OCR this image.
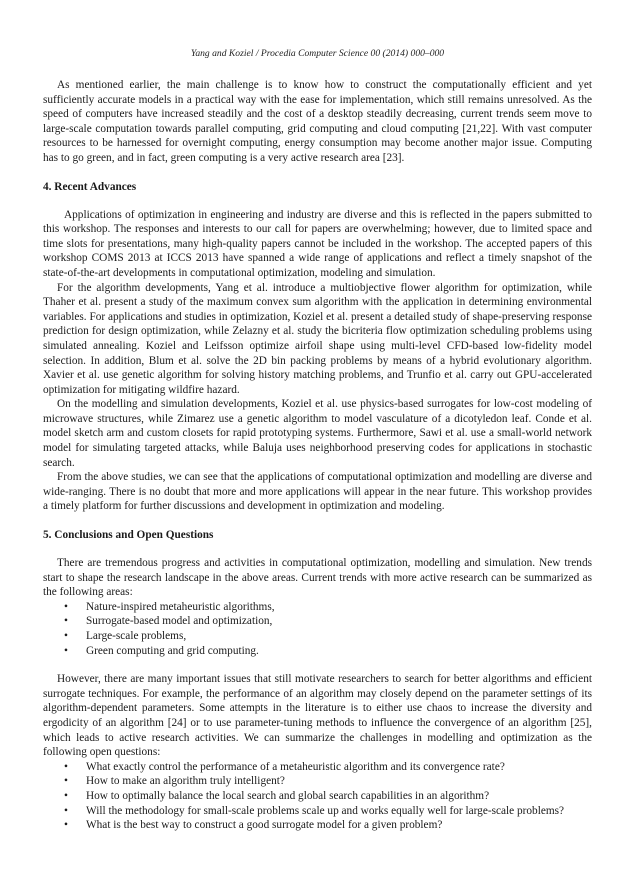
Yang and Koziel / Procedia Computer Science 00 (2014) 000–000

As mentioned earlier, the main challenge is to know how to construct the computationally efficient and yet sufficiently accurate models in a practical way with the ease for implementation, which still remains unresolved. As the speed of computers have increased steadily and the cost of a desktop steadily decreasing, current trends seem move to large-scale computation towards parallel computing, grid computing and cloud computing [21,22]. With vast computer resources to be harnessed for overnight computing, energy consumption may become another major issue. Computing has to go green, and in fact, green computing is a very active research area [23].

4. Recent Advances

Applications of optimization in engineering and industry are diverse and this is reflected in the papers submitted to this workshop. The responses and interests to our call for papers are overwhelming; however, due to limited space and time slots for presentations, many high-quality papers cannot be included in the workshop. The accepted papers of this workshop COMS 2013 at ICCS 2013 have spanned a wide range of applications and reflect a timely snapshot of the state-of-the-art developments in computational optimization, modeling and simulation.

For the algorithm developments, Yang et al. introduce a multiobjective flower algorithm for optimization, while Thaher et al. present a study of the maximum convex sum algorithm with the application in determining environmental variables. For applications and studies in optimization, Koziel et al. present a detailed study of shape-preserving response prediction for design optimization, while Zelazny et al. study the bicriteria flow optimization scheduling problems using simulated annealing. Koziel and Leifsson optimize airfoil shape using multi-level CFD-based low-fidelity model selection. In addition, Blum et al. solve the 2D bin packing problems by means of a hybrid evolutionary algorithm. Xavier et al. use genetic algorithm for solving history matching problems, and Trunfio et al. carry out GPU-accelerated optimization for mitigating wildfire hazard.

On the modelling and simulation developments, Koziel et al. use physics-based surrogates for low-cost modeling of microwave structures, while Zimarez use a genetic algorithm to model vasculature of a dicotyledon leaf. Conde et al. model sketch arm and custom closets for rapid prototyping systems. Furthermore, Sawi et al. use a small-world network model for simulating targeted attacks, while Baluja uses neighborhood preserving codes for applications in stochastic search.

From the above studies, we can see that the applications of computational optimization and modelling are diverse and wide-ranging. There is no doubt that more and more applications will appear in the near future. This workshop provides a timely platform for further discussions and development in optimization and modeling.

5. Conclusions and Open Questions

There are tremendous progress and activities in computational optimization, modelling and simulation. New trends start to shape the research landscape in the above areas. Current trends with more active research can be summarized as the following areas:

• Nature-inspired metaheuristic algorithms,
• Surrogate-based model and optimization,
• Large-scale problems,
• Green computing and grid computing.

However, there are many important issues that still motivate researchers to search for better algorithms and efficient surrogate techniques. For example, the performance of an algorithm may closely depend on the parameter settings of its algorithm-dependent parameters. Some attempts in the literature is to either use chaos to increase the diversity and ergodicity of an algorithm [24] or to use parameter-tuning methods to influence the convergence of an algorithm [25], which leads to active research activities. We can summarize the challenges in modelling and optimization as the following open questions:

• What exactly control the performance of a metaheuristic algorithm and its convergence rate?
• How to make an algorithm truly intelligent?
• How to optimally balance the local search and global search capabilities in an algorithm?
• Will the methodology for small-scale problems scale up and works equally well for large-scale problems?
• What is the best way to construct a good surrogate model for a given problem?
